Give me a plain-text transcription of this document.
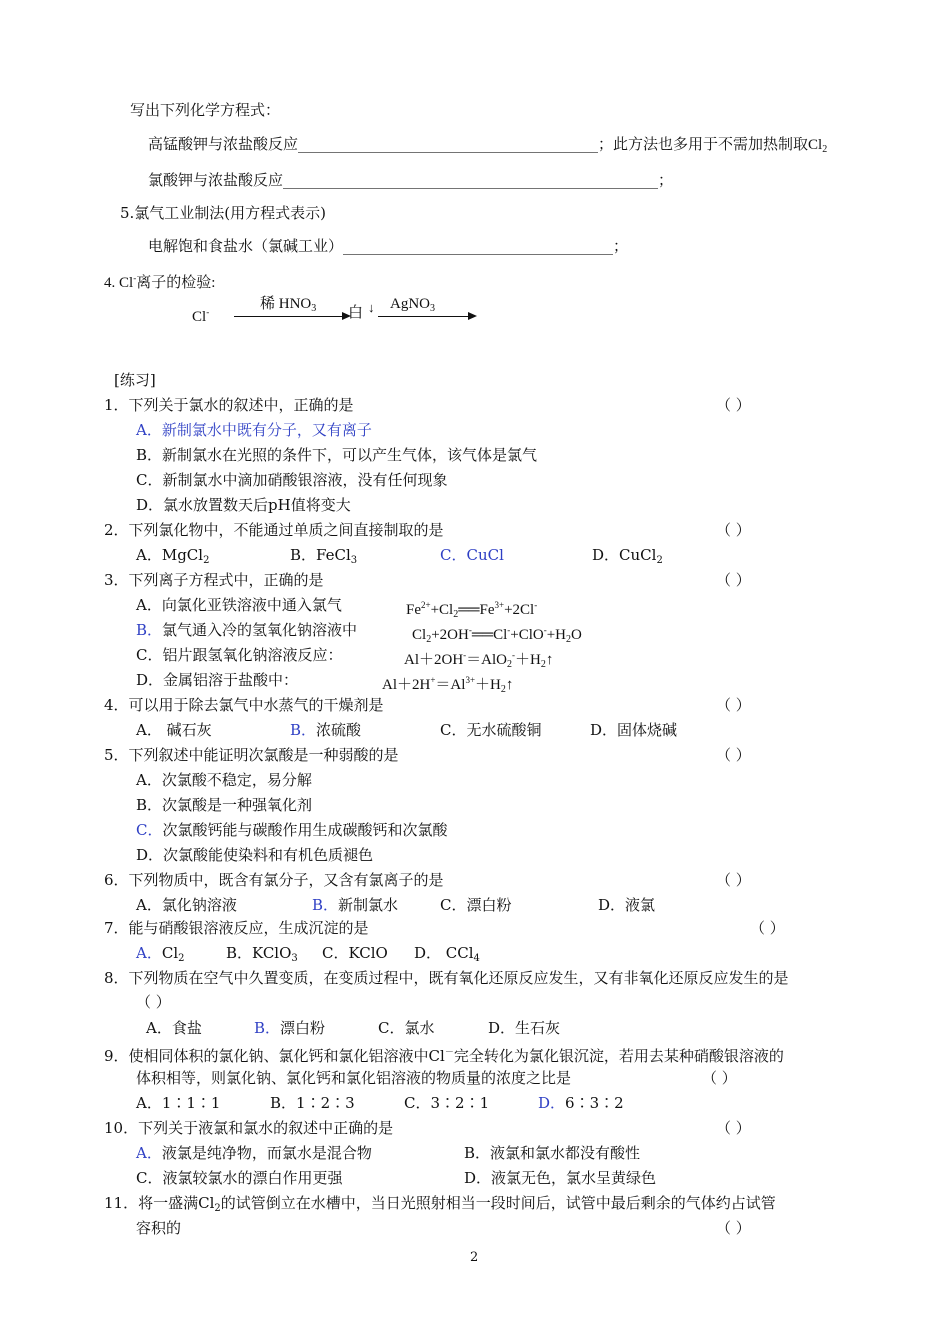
写出下列化学方程式：
高锰酸钾与浓盐酸反应________________________________________；此方法也多用于不需加热制取$Cl_2$
氯酸钾与浓盐酸反应__________________________________________________；
5.氯气工业制法(用方程式表示)
电解饱和食盐水（氯碱工业）____________________________________；
4. Cl-离子的检验:
Cl-	稀 $HNO_3$ 白 ↓ AgNO$_3$
[练习]
1．下列关于氯水的叙述中，正确的是	（ ）
A．新制氯水中既有分子，又有离子
B．新制氯水在光照的条件下，可以产生气体，该气体是氯气
C．新制氯水中滴加硝酸银溶液，没有任何现象
D．氯水放置数天后pH值将变大
2．下列氯化物中，不能通过单质之间直接制取的是	（ ）
A．MgCl$_2$	B．FeCl$_3$	C．CuCl	D．CuCl$_2$
3．下列离子方程式中，正确的是	（ ）
A．向氯化亚铁溶液中通入氯气	$Fe^{2+}+Cl_2══Fe^{3+}+2Cl^-$
B．氯气通入冷的氢氧化钠溶液中	$Cl_2+2OH^-══Cl^-+ClO^-+H_2O$
C．铝片跟氢氧化钠溶液反应：	$Al+2OH^-=AlO_2^-+H_2↑$
D．金属铝溶于盐酸中：	$Al+2H^+=Al^{3+}+H_2↑$
4．可以用于除去氯气中水蒸气的干燥剂是	（ ）
A． 碱石灰	B．浓硫酸	C．无水硫酸铜	D．固体烧碱
5．下列叙述中能证明次氯酸是一种弱酸的是	（ ）
A．次氯酸不稳定，易分解
B．次氯酸是一种强氧化剂
C．次氯酸钙能与碳酸作用生成碳酸钙和次氯酸
D．次氯酸能使染料和有机色质褪色
6．下列物质中，既含有氯分子，又含有氯离子的是	（ ）
A．氯化钠溶液	B．新制氯水	C．漂白粉	D．液氯
7．能与硝酸银溶液反应，生成沉淀的是	（ ）
A．$Cl_2$	B．KClO$_3$ C．KClO D． CCl$_4$
8．下列物质在空气中久置变质，在变质过程中，既有氧化还原反应发生，又有非氧化还原反应发生的是
（ ）
A．食盐	B．漂白粉	C．氯水	D．生石灰
9．使相同体积的氯化钠、氯化钙和氯化铝溶液中Cl－完全转化为氯化银沉淀，若用去某种硝酸银溶液的
体积相等，则氯化钠、氯化钙和氯化铝溶液的物质量的浓度之比是	（ ）
A．1∶1∶1	B．1∶2∶3	C．3∶2∶1	D．6∶3∶2
10．下列关于液氯和氯水的叙述中正确的是	（ ）
A．液氯是纯净物，而氯水是混合物	B．液氯和氯水都没有酸性
C．液氯较氯水的漂白作用更强	D．液氯无色，氯水呈黄绿色
11．将一盛满$Cl_2$的试管倒立在水槽中，当日光照射相当一段时间后，试管中最后剩余的气体约占试管
容积的	（ ）
2
